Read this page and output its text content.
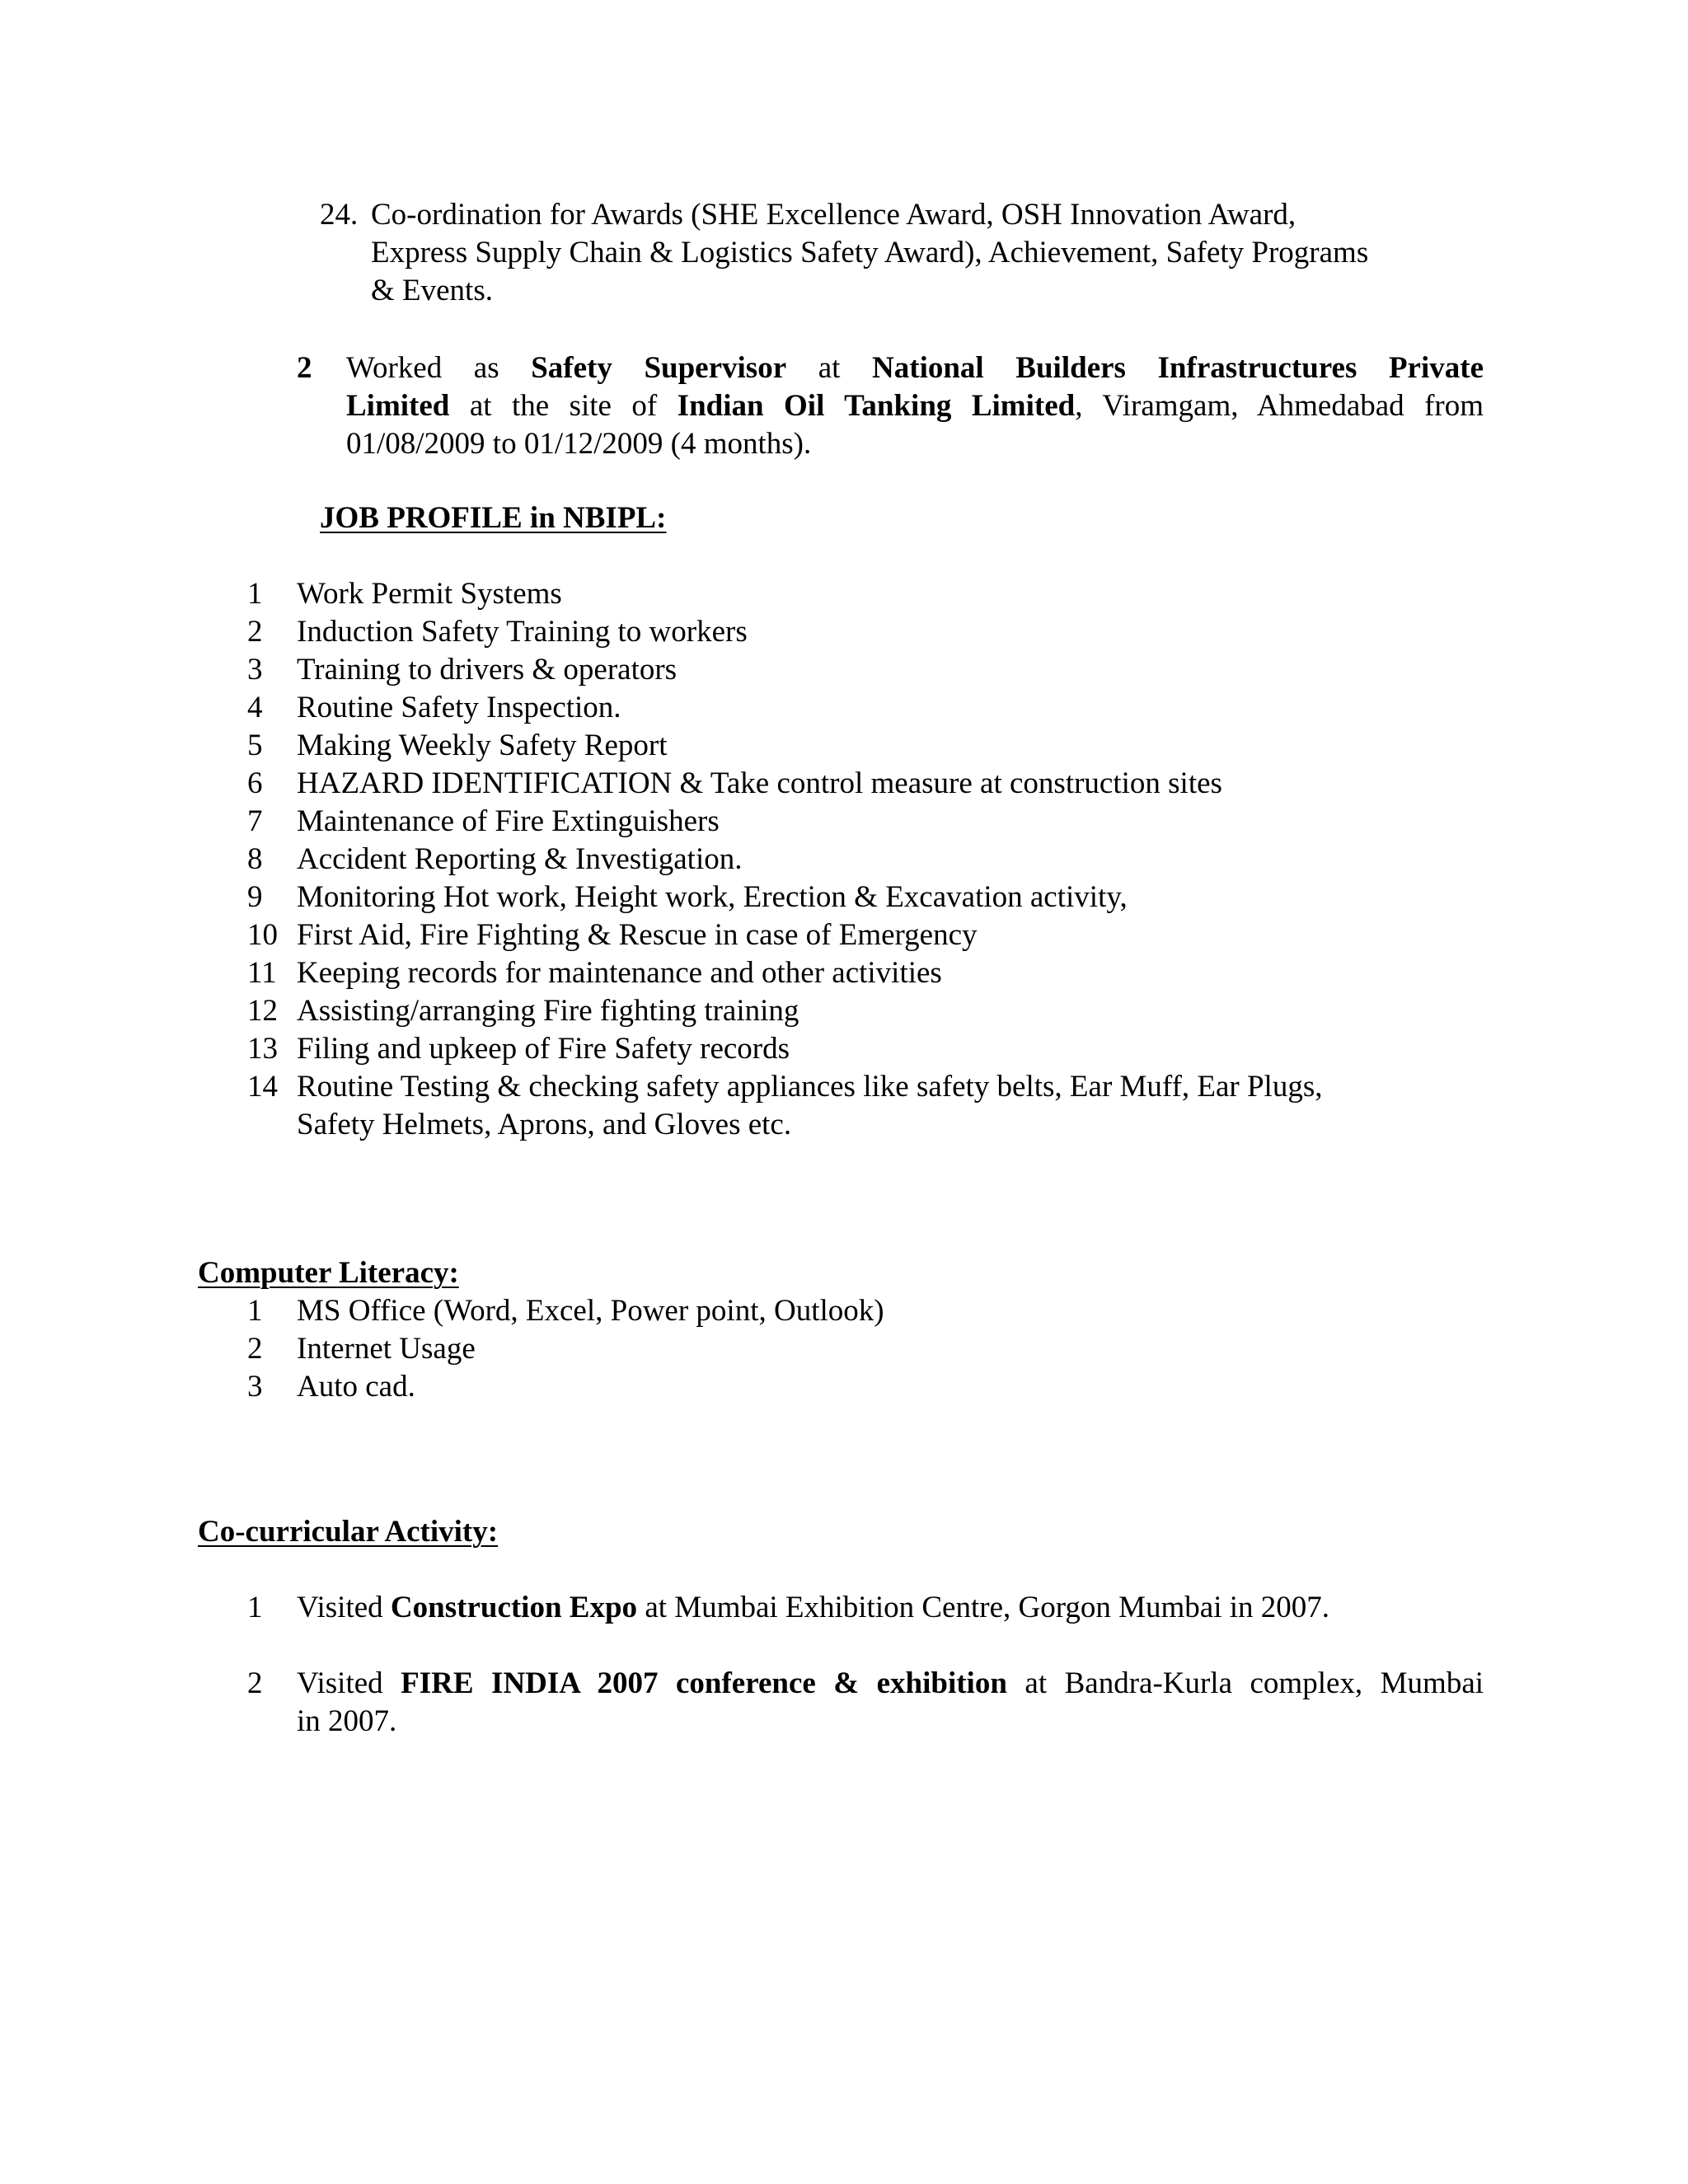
24. Co-ordination for Awards (SHE Excellence Award, OSH Innovation Award,
Express Supply Chain & Logistics Safety Award), Achievement, Safety Programs
& Events.
2 Worked as Safety Supervisor at National Builders Infrastructures Private
Limited at the site of Indian Oil Tanking Limited, Viramgam, Ahmedabad from
01/08/2009 to 01/12/2009 (4 months).
JOB PROFILE in NBIPL:
1 Work Permit Systems
2 Induction Safety Training to workers
3 Training to drivers & operators
4 Routine Safety Inspection.
5 Making Weekly Safety Report
6 HAZARD IDENTIFICATION & Take control measure at construction sites
7 Maintenance of Fire Extinguishers
8 Accident Reporting & Investigation.
9 Monitoring Hot work, Height work, Erection & Excavation activity,
10 First Aid, Fire Fighting & Rescue in case of Emergency
11 Keeping records for maintenance and other activities
12 Assisting/arranging Fire fighting training
13 Filing and upkeep of Fire Safety records
14 Routine Testing & checking safety appliances like safety belts, Ear Muff, Ear Plugs,
Safety Helmets, Aprons, and Gloves etc.
Computer Literacy:
1 MS Office (Word, Excel, Power point, Outlook)
2 Internet Usage
3 Auto cad.
Co-curricular Activity:
1 Visited Construction Expo at Mumbai Exhibition Centre, Gorgon Mumbai in 2007.
2 Visited FIRE INDIA 2007 conference & exhibition at Bandra-Kurla complex, Mumbai
in 2007.
